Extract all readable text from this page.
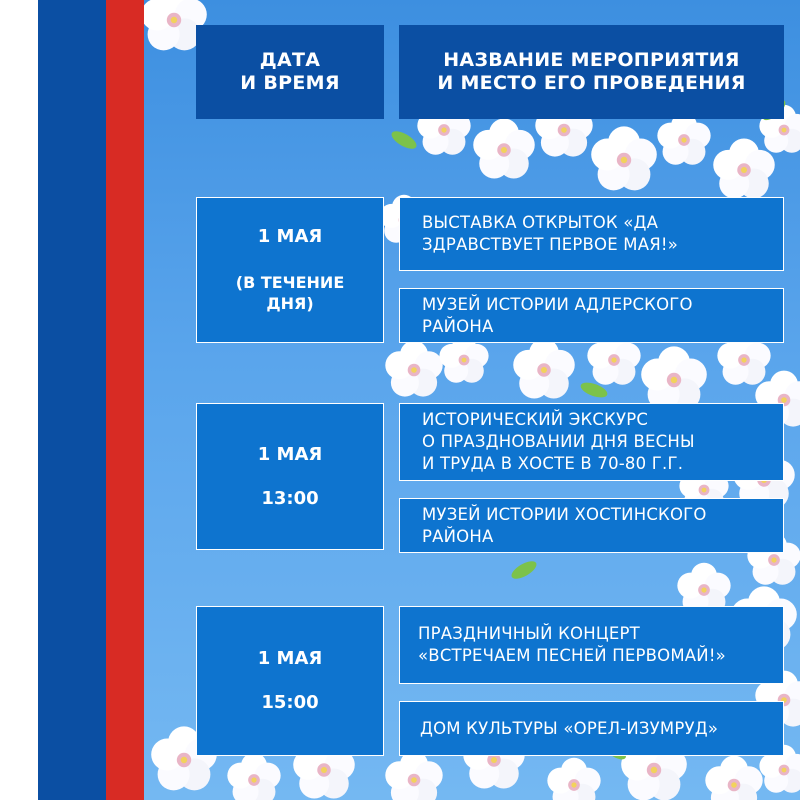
ДАТА
И ВРЕМЯ
НАЗВАНИЕ МЕРОПРИЯТИЯ
И МЕСТО ЕГО ПРОВЕДЕНИЯ
1 МАЯ
(В ТЕЧЕНИЕ
ДНЯ)
ВЫСТАВКА ОТКРЫТОК «ДА
ЗДРАВСТВУЕТ ПЕРВОЕ МАЯ!»
МУЗЕЙ ИСТОРИИ АДЛЕРСКОГО
РАЙОНА
1 МАЯ
13:00
ИСТОРИЧЕСКИЙ ЭКСКУРС
О ПРАЗДНОВАНИИ ДНЯ ВЕСНЫ
И ТРУДА В ХОСТЕ В 70-80 Г.Г.
МУЗЕЙ ИСТОРИИ ХОСТИНСКОГО
РАЙОНА
1 МАЯ
15:00
ПРАЗДНИЧНЫЙ КОНЦЕРТ
«ВСТРЕЧАЕМ ПЕСНЕЙ ПЕРВОМАЙ!»
ДОМ КУЛЬТУРЫ «ОРЕЛ-ИЗУМРУД»
